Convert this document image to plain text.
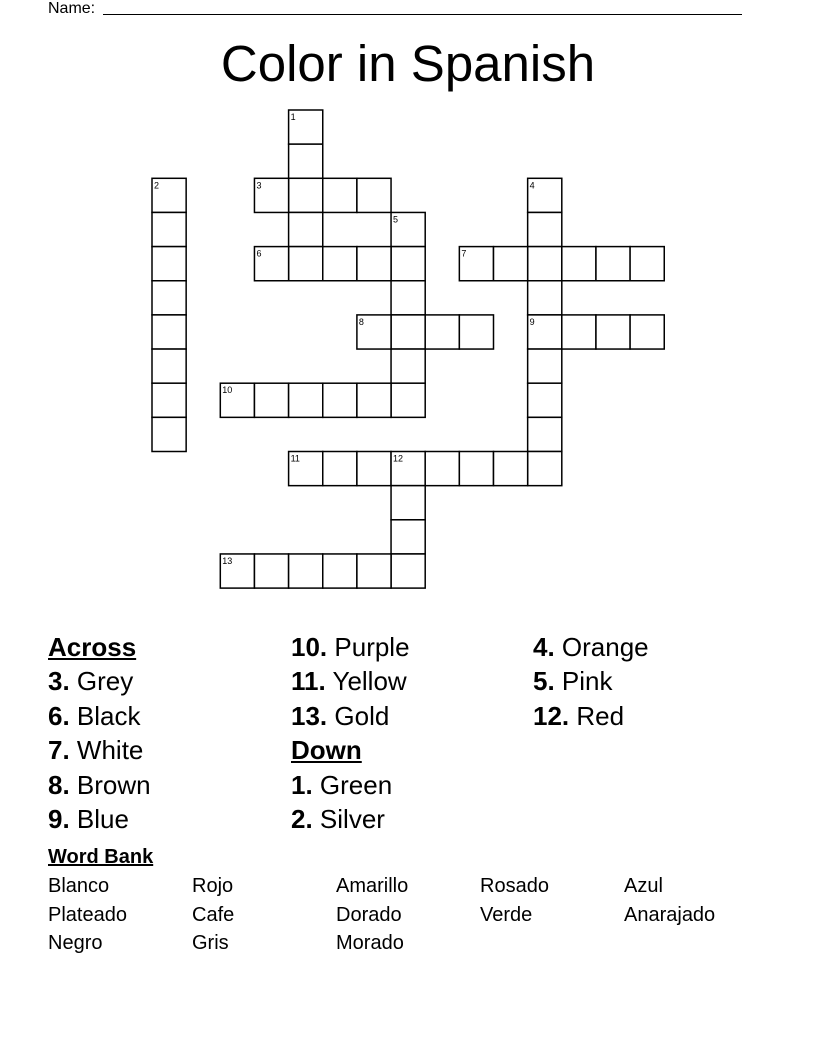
Name:
Color in Spanish
1
2	3	4
9
5
6	7
8
10
11	12
13
Across
3. Grey
6. Black
7. White
8. Brown
9. Blue
10. Purple
11. Yellow
13. Gold
Down
1. Green
2. Silver
4. Orange
5. Pink
12. Red
Word Bank
Blanco	Rojo	Amarillo	Rosado	Azul
Plateado	Cafe	Dorado	Verde	Anarajado
Negro	Gris	Morado
